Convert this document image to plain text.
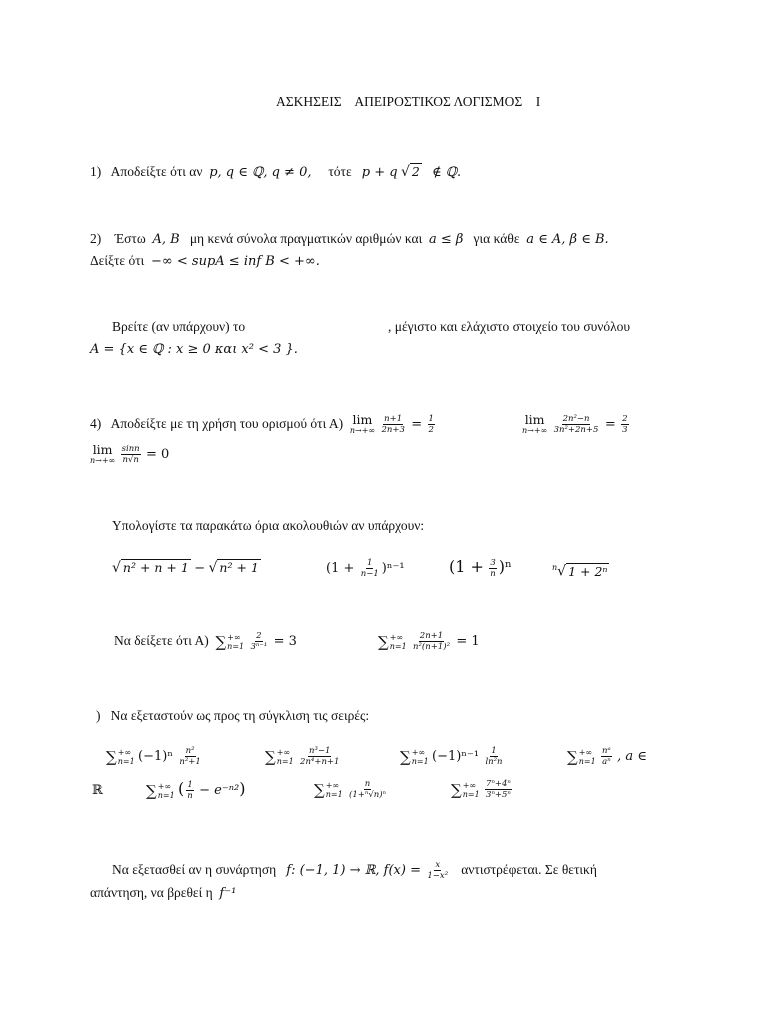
ΑΣΚΗΣΕΙΣ    ΑΠΕΙΡΟΣΤΙΚΟΣ ΛΟΓΙΣΜΟΣ    Ι
1) Αποδείξτε ότι αν p, q ∈ ℚ, q ≠ 0, τότε p + q √ 2 ∉ ℚ.
2) Έστω A, B μη κενά σύνολα πραγματικών αριθμών και a ≤ β για κάθε a ∈ A, β ∈ B.
Δείξτε ότι −∞ < supA ≤ inf B < +∞.
Βρείτε (αν υπάρχουν) το	, μέγιστο και ελάχιστο στοιχείο του συνόλου
A = {x ∈ ℚ : x ≥ 0 και x² < 3 }.
4) Αποδείξτε με τη χρήση του ορισμού ότι Α) lim
n→+∞
$\frac{n+1}{2n+3} = \frac{1}{2}$	lim
n→+∞
$\frac{\text{2n²−n}}{\text{3n²+2n+5}} = \frac{2}{3}$
lim
n→+∞
$\frac{\sin n}{n√n} = 0$
Υπολογίστε τα παρακάτω όρια ακολουθιών αν υπάρχουν:
√ n² + n + 1 − √ n² + 1	$(1 + \frac{1}{n-1} )^{n-1}$	$(1 + \frac{3}{n} )^n$	$^n$√ 1 + 2ⁿ
Να δείξετε ότι Α) ∑ +∞
n=1
$\frac{2}{\text{3ⁿ⁻¹}} = 3$	∑ +∞
n=1
$\frac{2n+1}{\text{n²(n+1)²}} = 1$
) Να εξεταστούν ως προς τη σύγκλιση τις σειρές:
∑ +∞
n=1 $(-1)^n \frac{\text{n²}}{\text{n²+1}}$	∑ +∞
n=1
$\frac{\text{n³−1}}{\text{2n⁴+n+1}}$	∑ +∞
n=1 $(-1)^{n-1} \frac{1}{\text{ln²n}}$	∑ +∞
n=1
$\frac{\text{nᵃ}}{\text{aⁿ}}$ , a ∈
ℝ	∑ +∞
n=1 ( $\frac{1}{n} - e^{-n2}$)	∑ +∞
n=1
$\frac{n}{\text{(1+ⁿ√n)ⁿ}}$	∑ +∞
n=1
$\frac{\text{7ⁿ+4ⁿ}}{\text{3ⁿ+5ⁿ}}$
Να εξετασθεί αν η συνάρτηση f: (−1, 1) → ℝ, $f(x) = \frac{x}{\text{1−x²}} \alpha\nu\tau\iota\sigma\tau\rho έ\varphi\varepsilon\tau\alpha\iota$. Σε θετική
απάντηση, να βρεθεί η f⁻¹
